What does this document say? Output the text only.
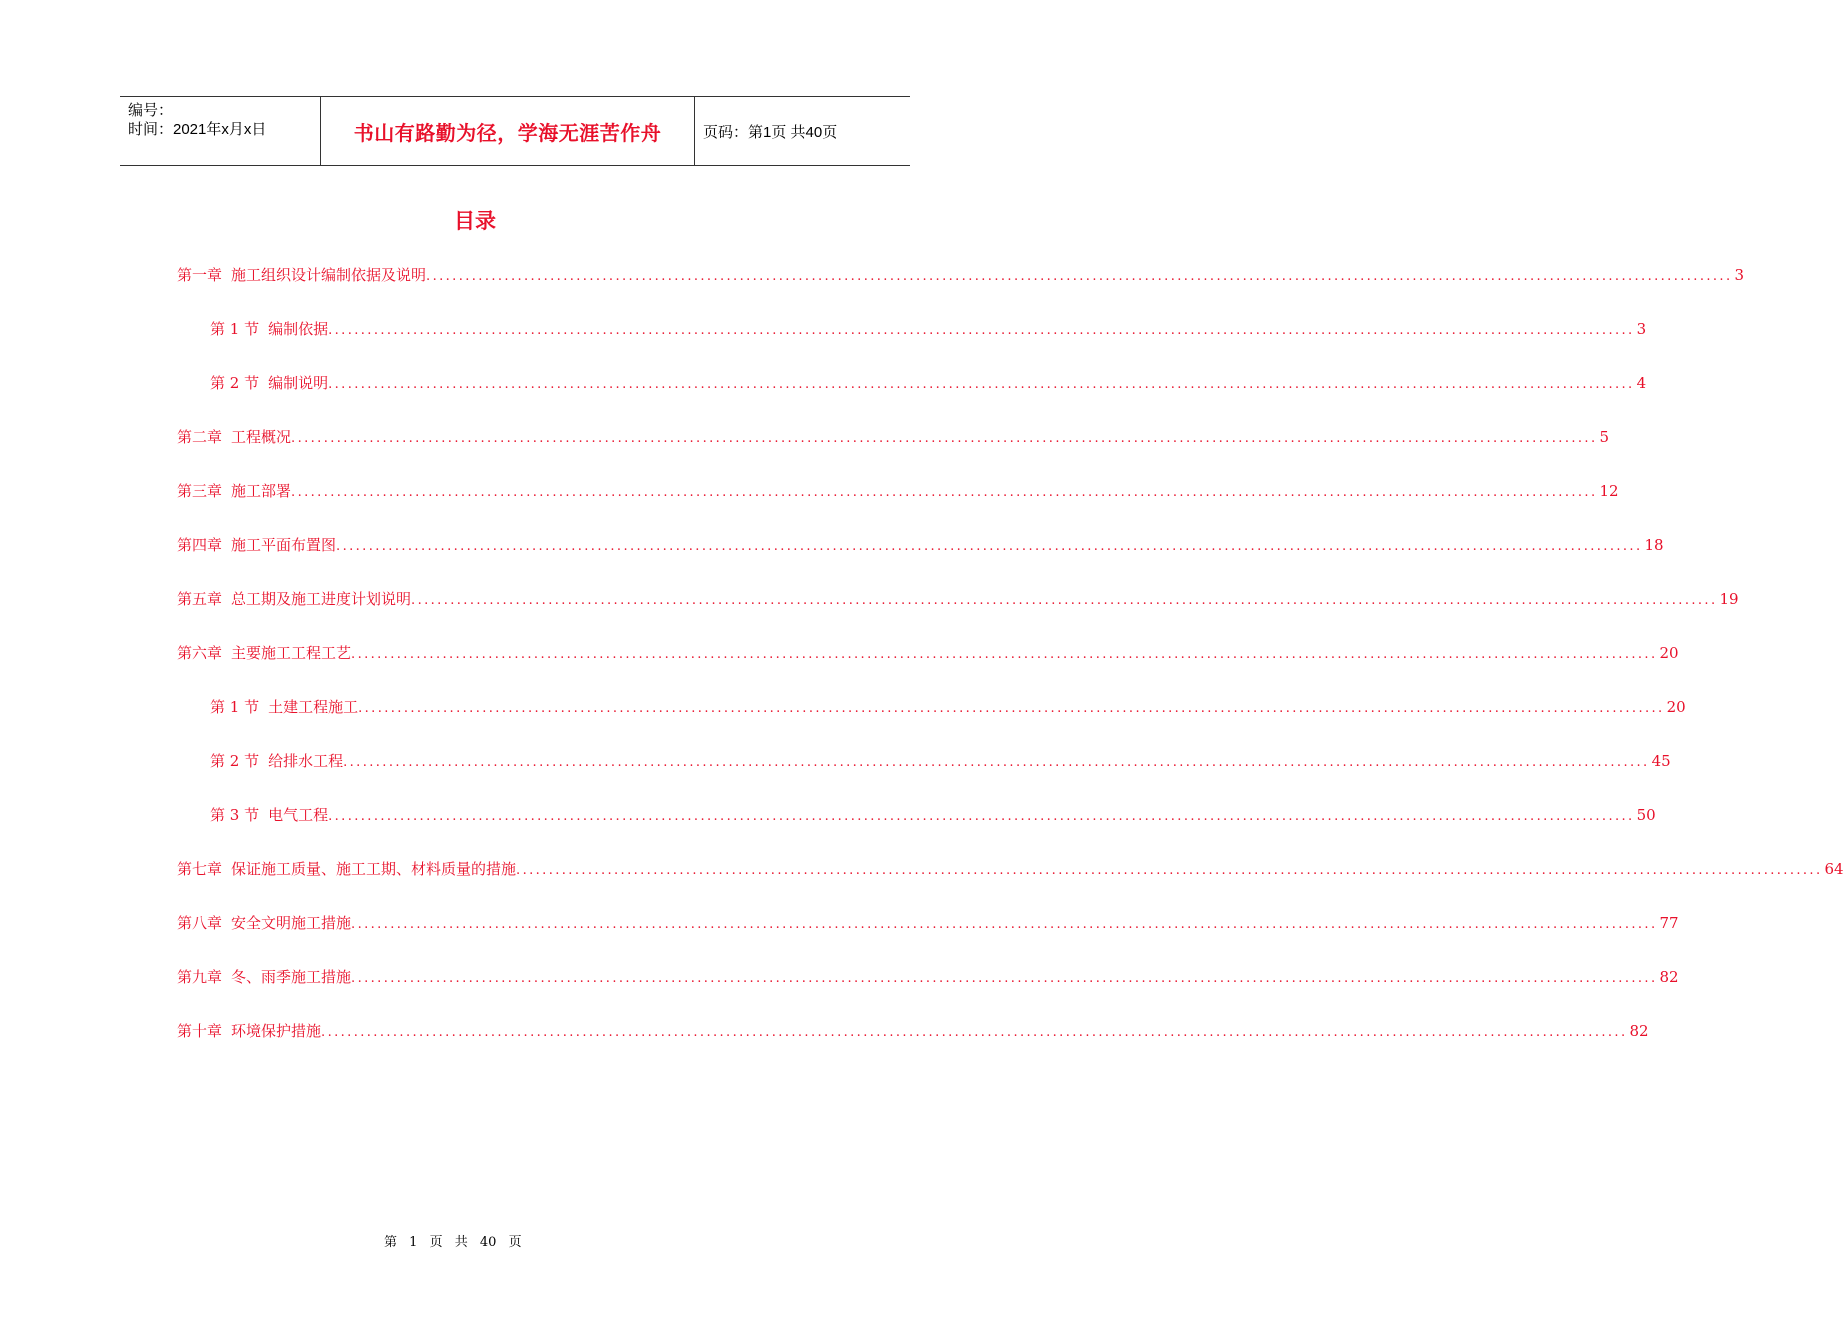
编号：
时间：2021年x月x日	书山有路勤为径，学海无涯苦作舟	页码：第1页 共40页
目录
第一章 施工组织设计编制依据及说明 ........................................................................................................................................................................................................ 3
第 1 节 编制依据 ........................................................................................................................................................................................................ 3
第 2 节 编制说明 ........................................................................................................................................................................................................ 4
第二章 工程概况 ........................................................................................................................................................................................................ 5
第三章 施工部署 ........................................................................................................................................................................................................ 12
第四章 施工平面布置图 ........................................................................................................................................................................................................ 18
第五章 总工期及施工进度计划说明 ........................................................................................................................................................................................................ 19
第六章 主要施工工程工艺 ........................................................................................................................................................................................................ 20
第 1 节 土建工程施工 ........................................................................................................................................................................................................ 20
第 2 节 给排水工程 ........................................................................................................................................................................................................ 45
第 3 节 电气工程 ........................................................................................................................................................................................................ 50
第七章 保证施工质量、施工工期、材料质量的措施 ........................................................................................................................................................................................................ 64
第八章 安全文明施工措施 ........................................................................................................................................................................................................ 77
第九章 冬、雨季施工措施 ........................................................................................................................................................................................................ 82
第十章 环境保护措施 ........................................................................................................................................................................................................ 82
第 1 页 共 40 页
